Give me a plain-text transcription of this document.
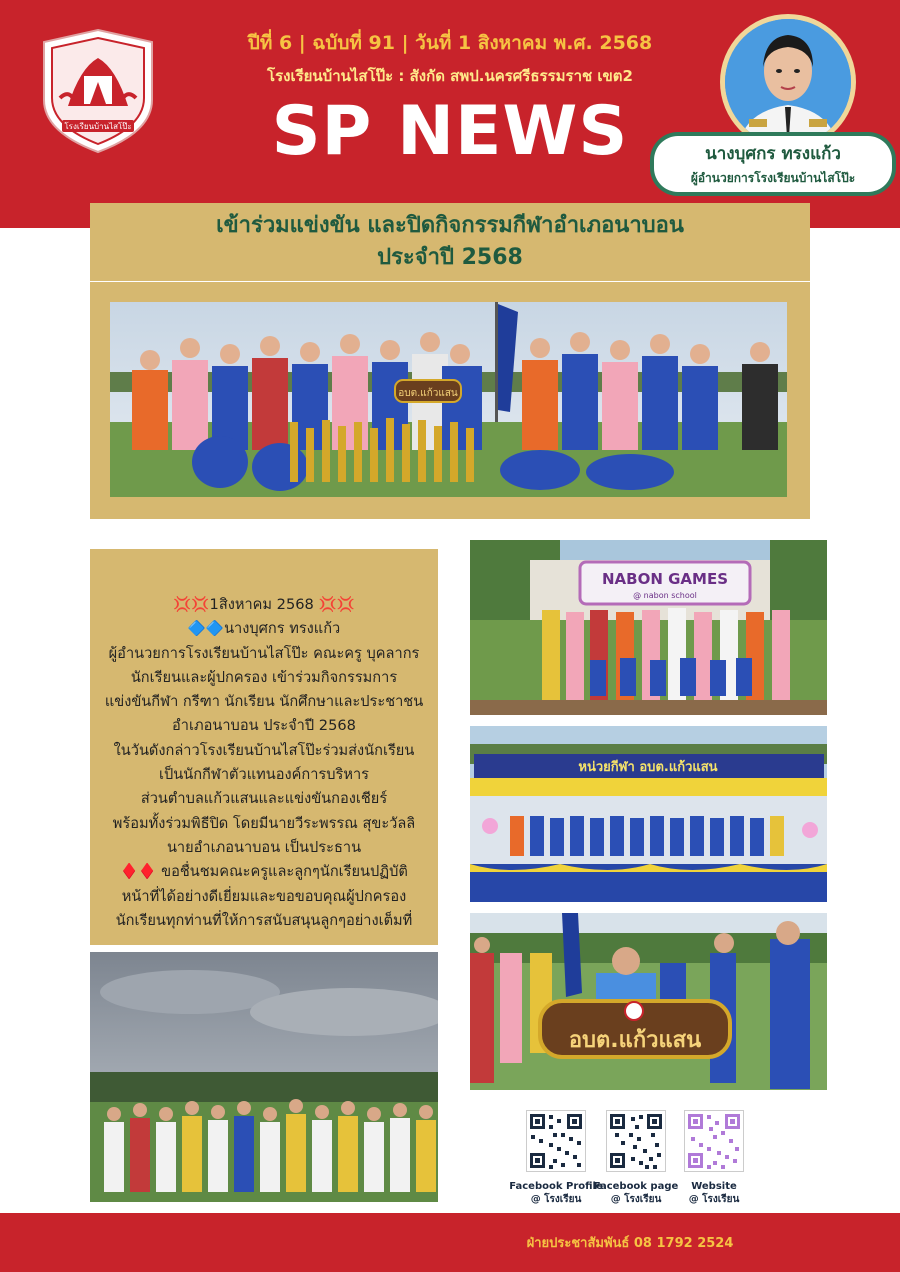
โรงเรียนบ้านไสโป๊ะ
ปีที่ 6 | ฉบับที่ 91 | วันที่ 1 สิงหาคม พ.ศ. 2568
โรงเรียนบ้านไสโป๊ะ : สังกัด สพป.นครศรีธรรมราช เขต2
SP NEWS	นางบุศกร ทรงแก้ว
ผู้อำนวยการโรงเรียนบ้านไสโป๊ะ
เข้าร่วมแข่งขัน และปิดกิจกรรมกีฬาอำเภอนาบอน
ประจำปี 2568
อบต.แก้วแสน
💢💢1สิงหาคม 2568 💢💢
🔷🔷นางบุศกร ทรงแก้ว
ผู้อำนวยการโรงเรียนบ้านไสโป๊ะ คณะครู บุคลากร
นักเรียนและผู้ปกครอง เข้าร่วมกิจกรรมการ
แข่งขันกีฬา กรีฑา นักเรียน นักศึกษาและประชาชน
อำเภอนาบอน ประจำปี 2568
ในวันดังกล่าวโรงเรียนบ้านไสโป๊ะร่วมส่งนักเรียน
เป็นนักกีฬาตัวแทนองค์การบริหาร
ส่วนตำบลแก้วแสนและแข่งขันกองเชียร์
พร้อมทั้งร่วมพิธีปิด โดยมีนายวีระพรรณ สุขะวัลลิ
นายอำเภอนาบอน เป็นประธาน
♦️♦️ ขอชื่นชมคณะครูและลูกๆนักเรียนปฏิบัติ
หน้าที่ได้อย่างดีเยี่ยมและขอขอบคุณผู้ปกครอง
นักเรียนทุกท่านที่ให้การสนับสนุนลูกๆอย่างเต็มที่
NABON GAMES
@ nabon school
หน่วยกีฬา อบต.แก้วแสน
อบต.แก้วแสน
Facebook Profile
@ โรงเรียน
Facebook page
@ โรงเรียน
Website
@ โรงเรียน
ฝ่ายประชาสัมพันธ์ 08 1792 2524
